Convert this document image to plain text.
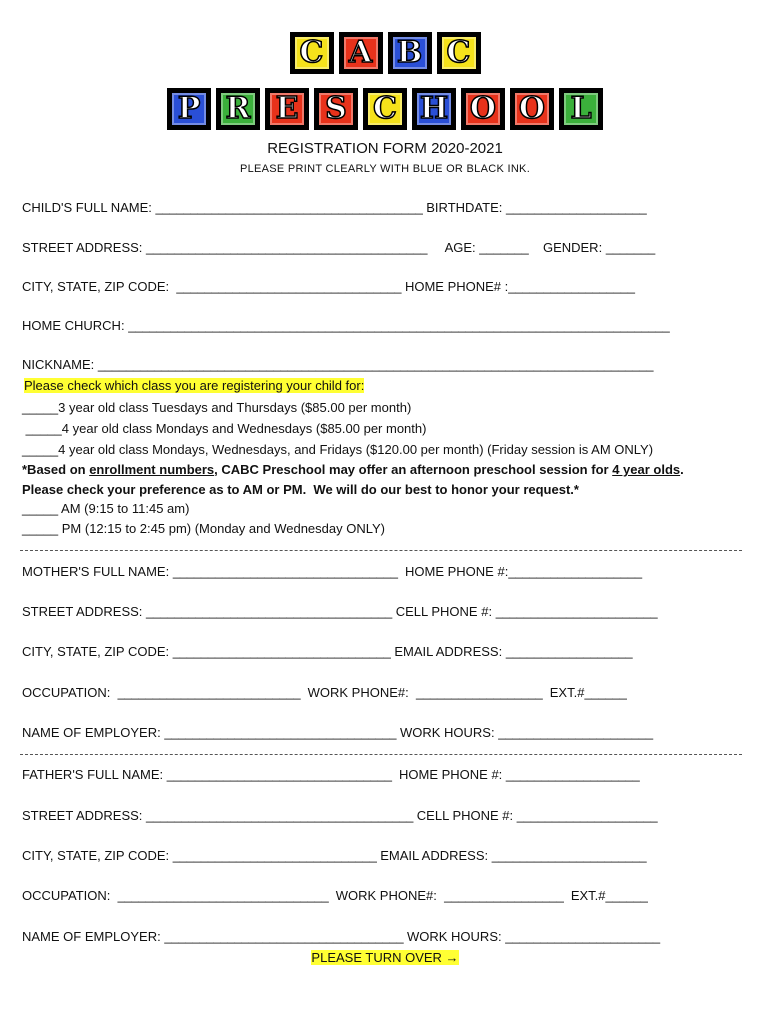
C A B C
P R E S C H O O L
REGISTRATION FORM 2020-2021
PLEASE PRINT CLEARLY WITH BLUE OR BLACK INK.
CHILD'S FULL NAME: ______________________________________ BIRTHDATE: ____________________
STREET ADDRESS: ________________________________________ AGE: _______ GENDER: _______
CITY, STATE, ZIP CODE: ________________________________ HOME PHONE# :__________________
HOME CHURCH: _____________________________________________________________________________
NICKNAME: _______________________________________________________________________________
Please check which class you are registering your child for:
_____3 year old class Tuesdays and Thursdays ($85.00 per month)
_____4 year old class Mondays and Wednesdays ($85.00 per month)
_____4 year old class Mondays, Wednesdays, and Fridays ($120.00 per month) (Friday session is AM ONLY)
*Based on enrollment numbers, CABC Preschool may offer an afternoon preschool session for 4 year olds.
Please check your preference as to AM or PM.  We will do our best to honor your request.*
_____ AM (9:15 to 11:45 am)
_____ PM (12:15 to 2:45 pm) (Monday and Wednesday ONLY)
MOTHER'S FULL NAME: ________________________________ HOME PHONE #:___________________
STREET ADDRESS: ___________________________________ CELL PHONE #: _______________________
CITY, STATE, ZIP CODE: _______________________________ EMAIL ADDRESS: __________________
OCCUPATION: __________________________ WORK PHONE#: __________________ EXT.#______
NAME OF EMPLOYER: _________________________________ WORK HOURS: ______________________
FATHER'S FULL NAME: ________________________________ HOME PHONE #: ___________________
STREET ADDRESS: ______________________________________ CELL PHONE #: ____________________
CITY, STATE, ZIP CODE: _____________________________ EMAIL ADDRESS: ______________________
OCCUPATION: ______________________________ WORK PHONE#: _________________ EXT.#______
NAME OF EMPLOYER: __________________________________ WORK HOURS: ______________________
PLEASE TURN OVER →
